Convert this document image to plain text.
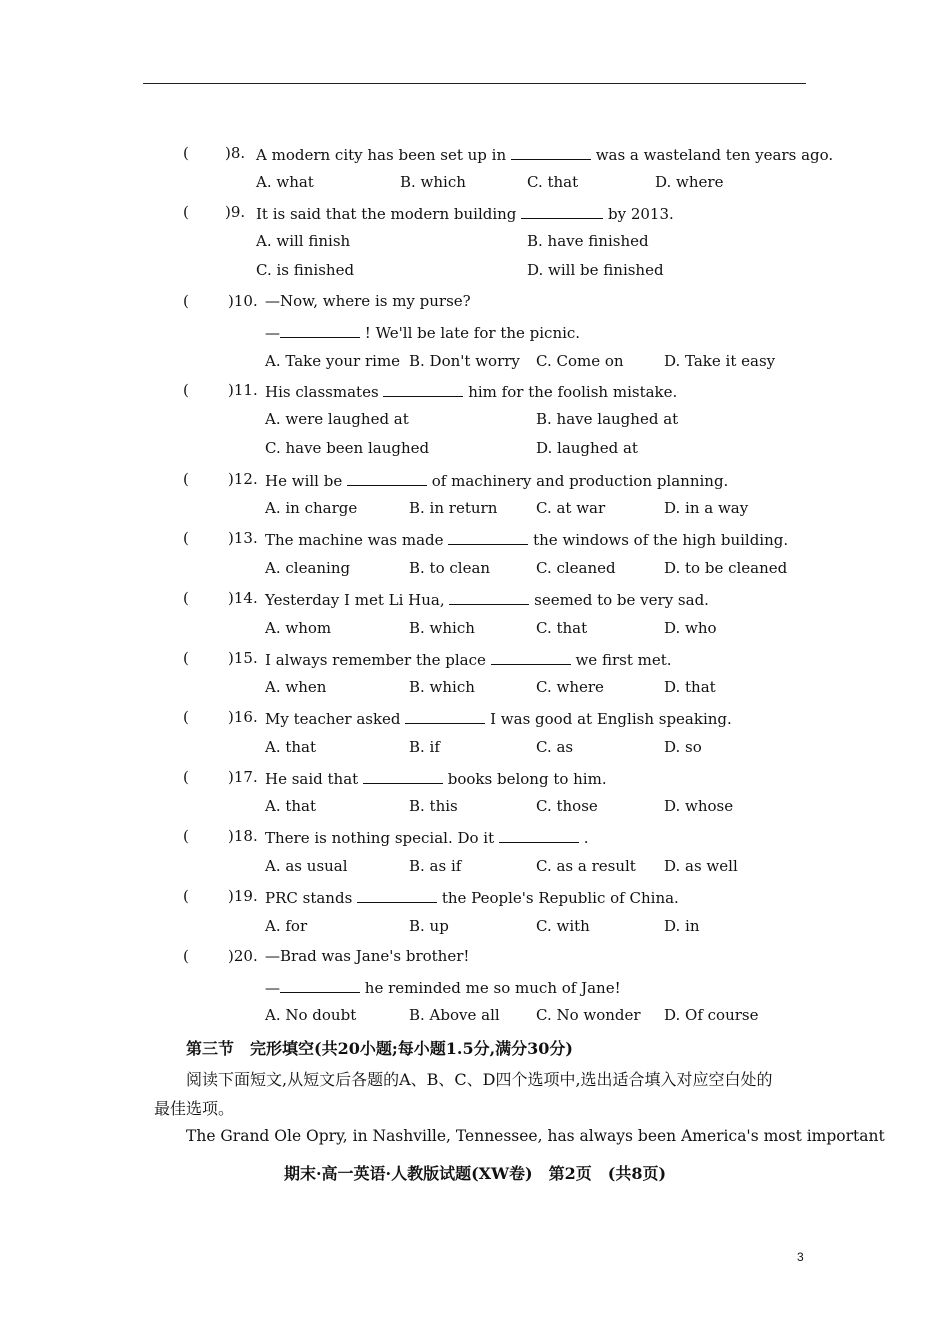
( )8. A modern city has been set up in	was a wasteland ten years ago.
A. what	B. which	C. that	D. where
( )9. It is said that the modern building	by 2013.
A. will finish	B. have finished
C. is finished	D. will be finished
(	)10. —Now, where is my purse?
—	! We'll be late for the picnic.
A. Take your rime B. Don't worry C. Come on	D. Take it easy
(	)11. His classmates	him for the foolish mistake.
A. were laughed at	B. have laughed at
C. have been laughed	D. laughed at
(	)12. He will be	of machinery and production planning.
A. in charge	B. in return	C. at war	D. in a way
(	)13. The machine was made	the windows of the high building.
A. cleaning	B. to clean	C. cleaned	D. to be cleaned
(	)14. Yesterday I met Li Hua,	seemed to be very sad.
A. whom	B. which	C. that	D. who
(	)15. I always remember the place	we first met.
A. when	B. which	C. where	D. that
(	)16. My teacher asked	I was good at English speaking.
A. that	B. if	C. as	D. so
(	)17. He said that	books belong to him.
A. that	B. this	C. those	D. whose
(	)18. There is nothing special. Do it	.
A. as usual	B. as if	C. as a result D. as well
(	)19. PRC stands	the People's Republic of China.
A. for	B. up	C. with	D. in
(	)20. —Brad was Jane's brother!
—	he reminded me so much of Jane!
A. No doubt	B. Above all C. No wonder D. Of course
第三节　完形填空(共20小题;每小题1.5分,满分30分)
阅读下面短文,从短文后各题的A、B、C、D四个选项中,选出适合填入对应空白处的
最佳选项。
The Grand Ole Opry, in Nashville, Tennessee, has always been America's most important
期末·高一英语·人教版试题(XW卷)　第2页　(共8页)
3
